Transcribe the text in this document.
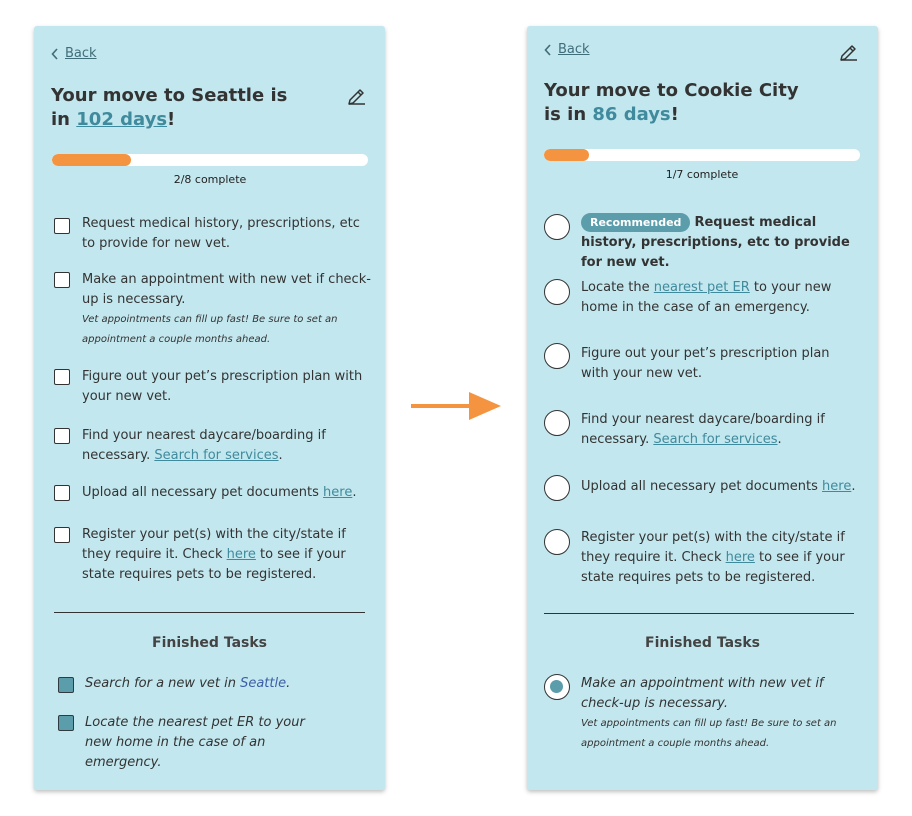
Back
Your move to Seattle is
in 102 days!
2/8 complete
Request medical history, prescriptions, etc to provide for new vet.
Make an appointment with new vet if check-up is necessary.
Vet appointments can fill up fast! Be sure to set an appointment a couple months ahead.
Figure out your pet’s prescription plan with your new vet.
Find your nearest daycare/boarding if necessary. Search for services.
Upload all necessary pet documents here.
Register your pet(s) with the city/state if they require it. Check here to see if your state requires pets to be registered.
Finished Tasks
Search for a new vet in Seattle.
Locate the nearest pet ER to your new home in the case of an emergency.
Back
Your move to Cookie City
is in 86 days!
1/7 complete
Recommended Request medical history, prescriptions, etc to provide for new vet.
Locate the nearest pet ER to your new home in the case of an emergency.
Figure out your pet’s prescription plan with your new vet.
Find your nearest daycare/boarding if necessary. Search for services.
Upload all necessary pet documents here.
Register your pet(s) with the city/state if they require it. Check here to see if your state requires pets to be registered.
Finished Tasks
Make an appointment with new vet if check-up is necessary.
Vet appointments can fill up fast! Be sure to set an appointment a couple months ahead.
